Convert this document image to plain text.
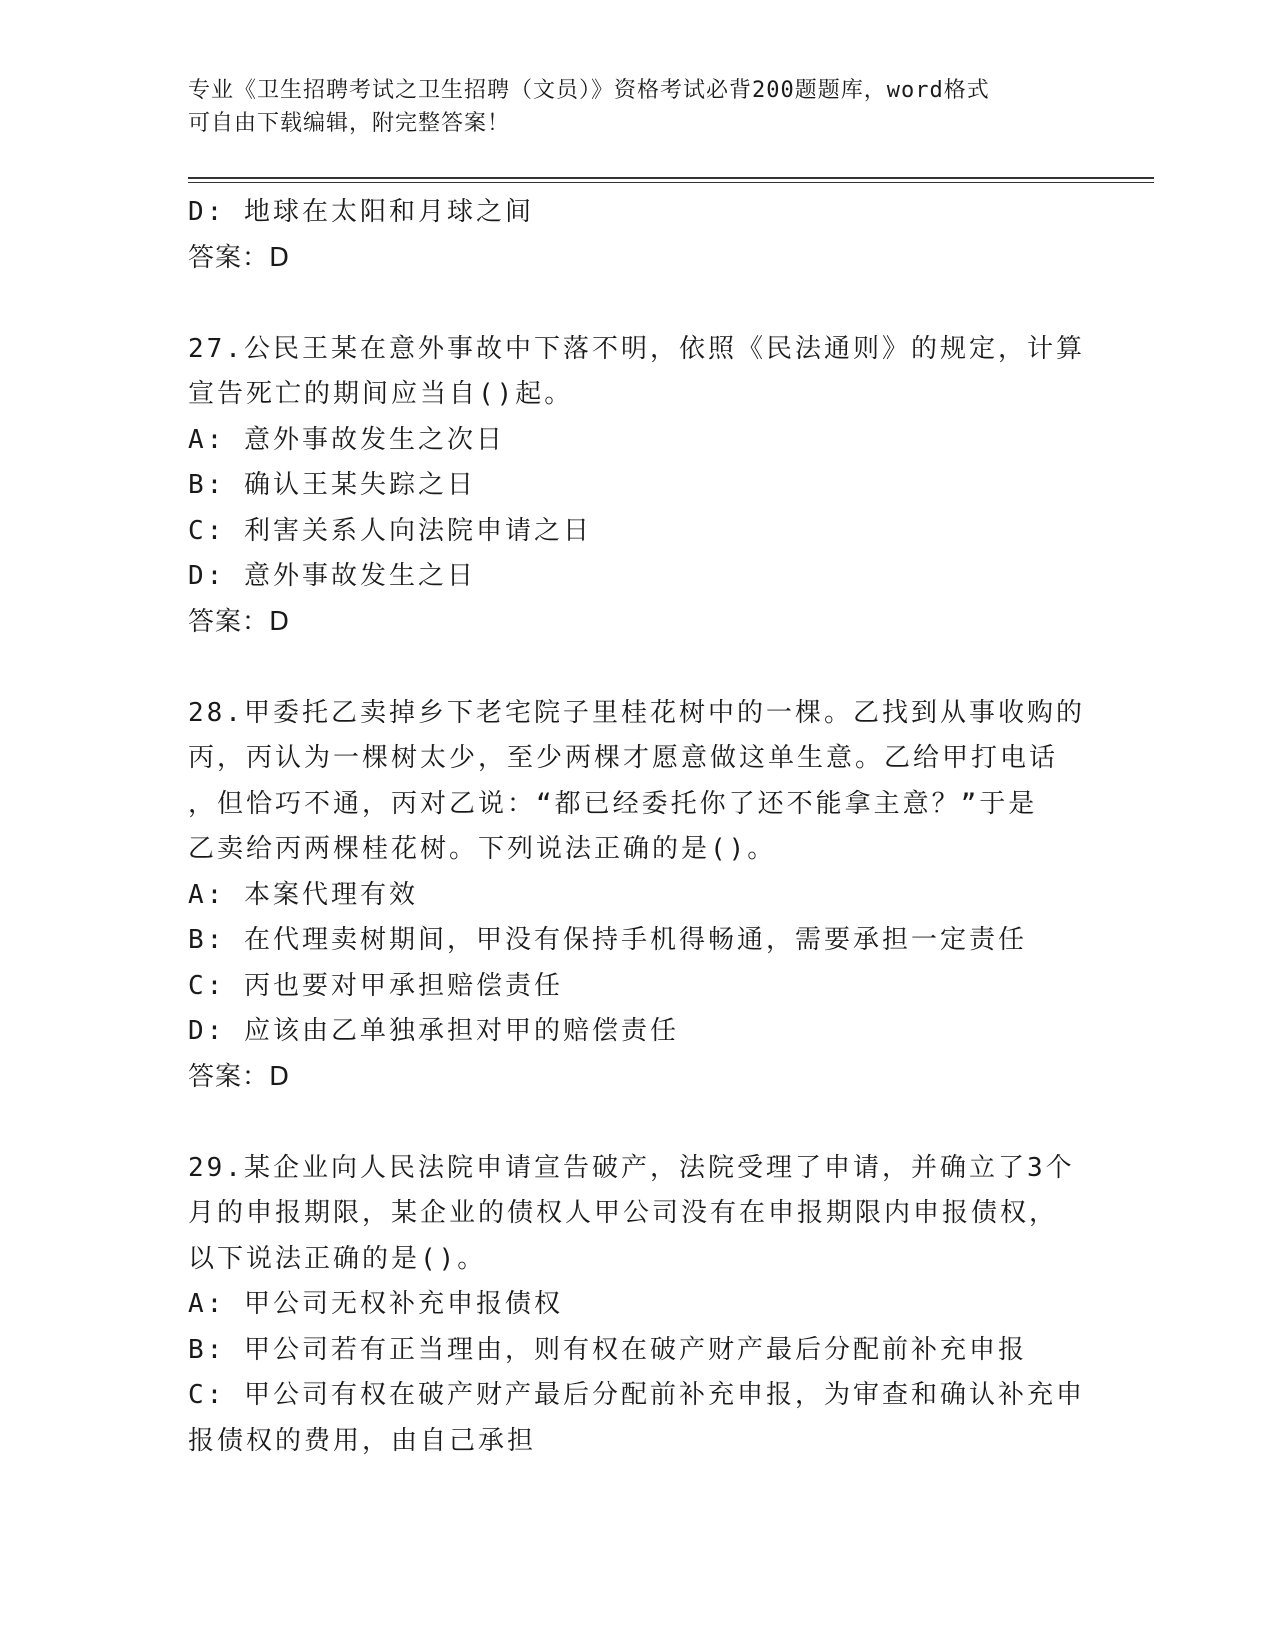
专业《卫生招聘考试之卫生招聘（文员）》资格考试必背200题题库，word格式
可自由下载编辑，附完整答案！
D: 地球在太阳和月球之间
答案：D
27.公民王某在意外事故中下落不明，依照《民法通则》的规定，计算
宣告死亡的期间应当自()起。
A: 意外事故发生之次日
B: 确认王某失踪之日
C: 利害关系人向法院申请之日
D: 意外事故发生之日
答案：D
28.甲委托乙卖掉乡下老宅院子里桂花树中的一棵。乙找到从事收购的
丙，丙认为一棵树太少，至少两棵才愿意做这单生意。乙给甲打电话
，但恰巧不通，丙对乙说：“都已经委托你了还不能拿主意？”于是
乙卖给丙两棵桂花树。下列说法正确的是()。
A: 本案代理有效
B: 在代理卖树期间，甲没有保持手机得畅通，需要承担一定责任
C: 丙也要对甲承担赔偿责任
D: 应该由乙单独承担对甲的赔偿责任
答案：D
29.某企业向人民法院申请宣告破产，法院受理了申请，并确立了3个
月的申报期限，某企业的债权人甲公司没有在申报期限内申报债权，
以下说法正确的是()。
A: 甲公司无权补充申报债权
B: 甲公司若有正当理由，则有权在破产财产最后分配前补充申报
C: 甲公司有权在破产财产最后分配前补充申报，为审查和确认补充申
报债权的费用，由自己承担
